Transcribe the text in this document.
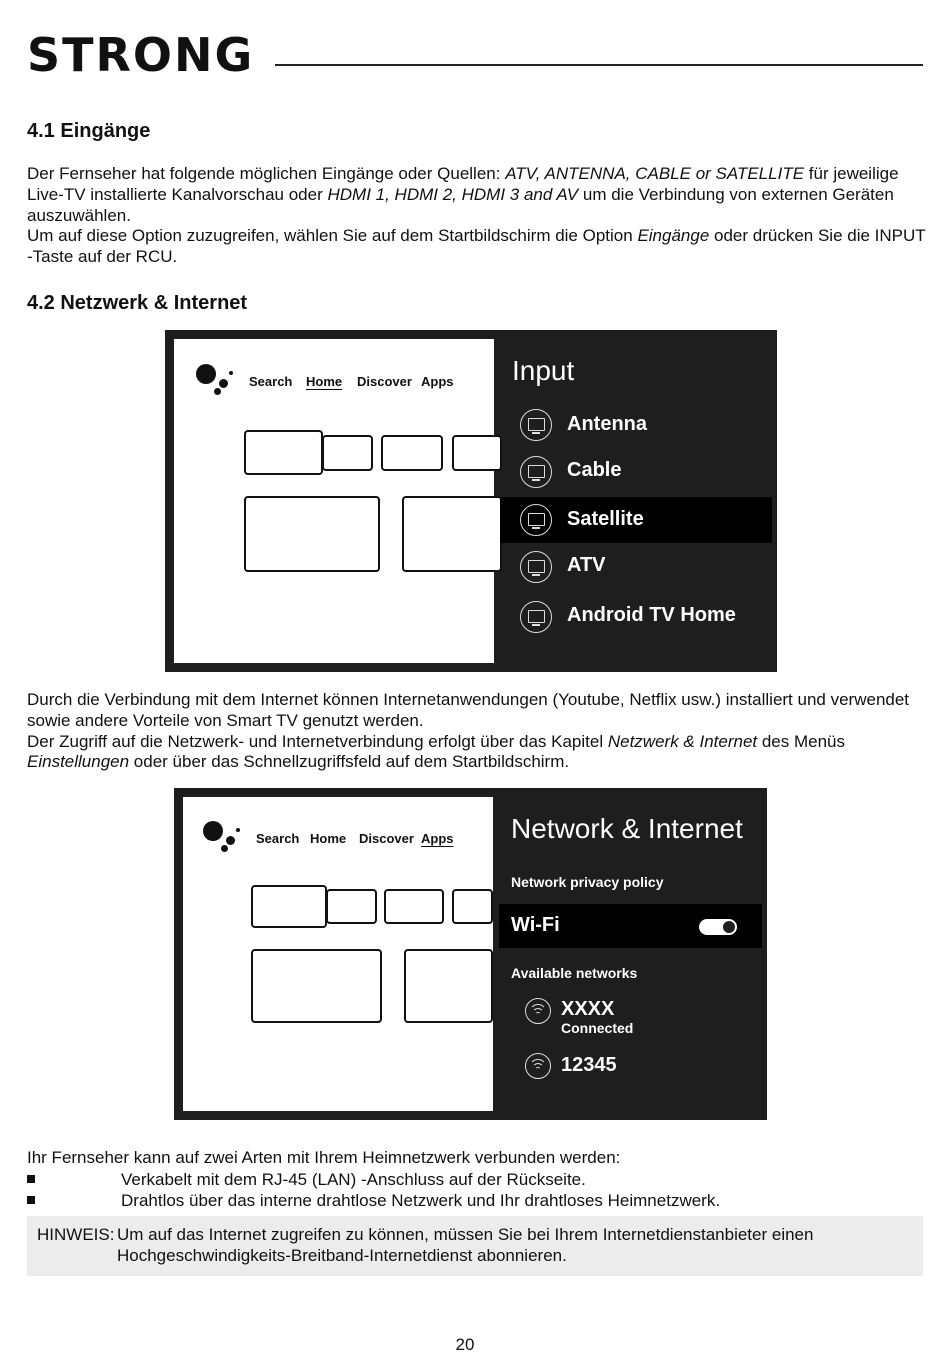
STRONG
4.1 Eingänge

Der Fernseher hat folgende möglichen Eingänge oder Quellen: ATV, ANTENNA, CABLE or SATELLITE für jeweilige Live-TV installierte Kanalvorschau oder HDMI 1, HDMI 2, HDMI 3 and AV um die Verbindung von externen Geräten auszuwählen.

Um auf diese Option zuzugreifen, wählen Sie auf dem Startbildschirm die Option Eingänge oder drücken Sie die INPUT -Taste auf der RCU.

4.2 Netzwerk & Internet
Search Home Discover Apps Input
Antenna
Cable
Satellite
ATV
Android TV Home

Durch die Verbindung mit dem Internet können Internetanwendungen (Youtube, Netflix usw.) installiert und verwendet sowie andere Vorteile von Smart TV genutzt werden.

Der Zugriff auf die Netzwerk- und Internetverbindung erfolgt über das Kapitel Netzwerk & Internet des Menüs Einstellungen oder über das Schnellzugriffsfeld auf dem Startbildschirm.

Search Home Discover Apps Network & Internet
Network privacy policy
Wi-Fi
Available networks
XXXX
Connected
12345
Ihr Fernseher kann auf zwei Arten mit Ihrem Heimnetzwerk verbunden werden:
Verkabelt mit dem RJ-45 (LAN) -Anschluss auf der Rückseite.
Drahtlos über das interne drahtlose Netzwerk und Ihr drahtloses Heimnetzwerk.
HINWEIS: Um auf das Internet zugreifen zu können, müssen Sie bei Ihrem Internetdienstanbieter einen Hochgeschwindigkeits-Breitband-Internetdienst abonnieren.
20
